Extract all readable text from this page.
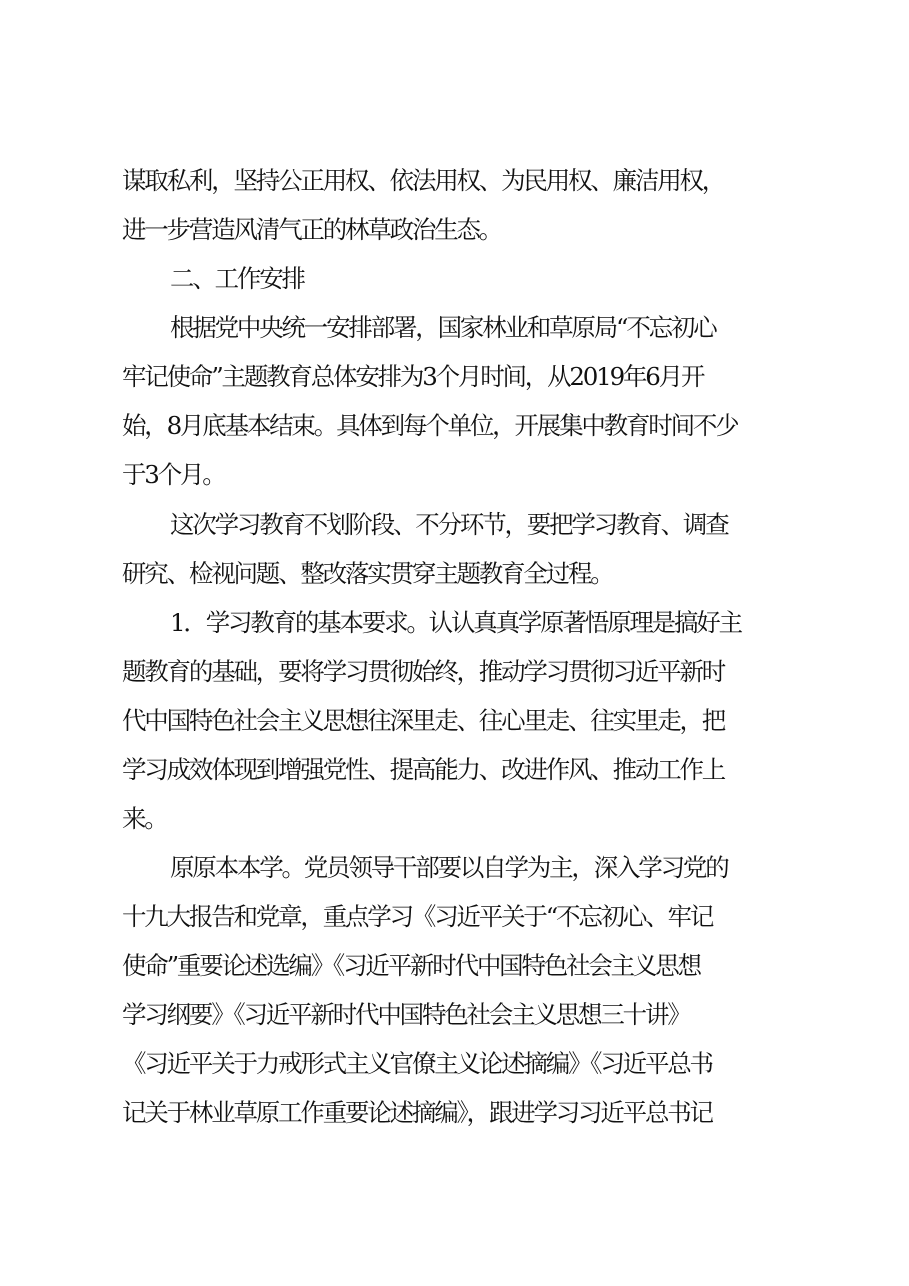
谋取私利，坚持公正用权、依法用权、为民用权、廉洁用权，

进一步营造风清气正的林草政治生态。

二、工作安排

根据党中央统一安排部署，国家林业和草原局“不忘初心

牢记使命”主题教育总体安排为3个月时间，从2019年6月开

始，8月底基本结束。具体到每个单位，开展集中教育时间不少

于3个月。

这次学习教育不划阶段、不分环节，要把学习教育、调查

研究、检视问题、整改落实贯穿主题教育全过程。

1．学习教育的基本要求。认认真真学原著悟原理是搞好主

题教育的基础，要将学习贯彻始终，推动学习贯彻习近平新时

代中国特色社会主义思想往深里走、往心里走、往实里走，把

学习成效体现到增强党性、提高能力、改进作风、推动工作上

来。

原原本本学。党员领导干部要以自学为主，深入学习党的

十九大报告和党章，重点学习《习近平关于“不忘初心、牢记

使命”重要论述选编》《习近平新时代中国特色社会主义思想

学习纲要》《习近平新时代中国特色社会主义思想三十讲》

《习近平关于力戒形式主义官僚主义论述摘编》《习近平总书

记关于林业草原工作重要论述摘编》，跟进学习习近平总书记
